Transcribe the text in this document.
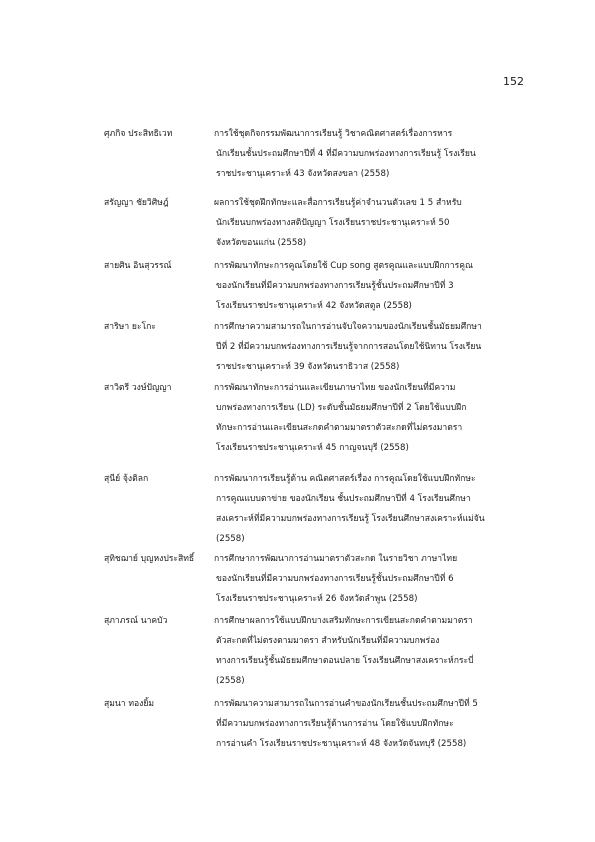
152
ศุภกิจ ประสิทธิเวท	การใช้ชุดกิจกรรมพัฒนาการเรียนรู้ วิชาคณิตศาสตร์เรื่องการหาร
นักเรียนชั้นประถมศึกษาปีที่ 4 ที่มีความบกพร่องทางการเรียนรู้ โรงเรียน
ราชประชานุเคราะห์ 43 จังหวัดสงขลา (2558)
สรัญญา ชัยวิศิษฎ์	ผลการใช้ชุดฝึกทักษะและสื่อการเรียนรู้ค่าจำนวนตัวเลข 1 5 สำหรับ
นักเรียนบกพร่องทางสติปัญญา โรงเรียนราชประชานุเคราะห์ 50
จังหวัดขอนแก่น (2558)
สายศิน อินสุวรรณ์	การพัฒนาทักษะการคูณโดยใช้ Cup song สูตรคูณและแบบฝึกการคูณ
ของนักเรียนที่มีความบกพร่องทางการเรียนรู้ชั้นประถมศึกษาปีที่ 3
โรงเรียนราชประชานุเคราะห์ 42 จังหวัดสตูล (2558)
สาริษา ยะโกะ	การศึกษาความสามารถในการอ่านจับใจความของนักเรียนชั้นมัธยมศึกษา
ปีที่ 2 ที่มีความบกพร่องทางการเรียนรู้จากการสอนโดยใช้นิทาน โรงเรียน
ราชประชานุเคราะห์ 39 จังหวัดนราธิวาส (2558)
สาวิตรี วงษ์ปัญญา	การพัฒนาทักษะการอ่านและเขียนภาษาไทย ของนักเรียนที่มีความ
บกพร่องทางการเรียน (LD) ระดับชั้นมัธยมศึกษาปีที่ 2 โดยใช้แบบฝึก
ทักษะการอ่านและเขียนสะกดคำตามมาตราตัวสะกดที่ไม่ตรงมาตรา
โรงเรียนราชประชานุเคราะห์ 45 กาญจนบุรี (2558)
สุนีย์ จุ้งติลก	การพัฒนาการเรียนรู้ด้าน คณิตศาสตร์เรื่อง การคูณโดยใช้แบบฝึกทักษะ
การคูณแบบตาข่าย ของนักเรียน ชั้นประถมศึกษาปีที่ 4 โรงเรียนศึกษา
สงเคราะห์ที่มีความบกพร่องทางการเรียนรู้ โรงเรียนศึกษาสงเคราะห์แม่จัน
(2558)
สุทิชฌาย์ บุญหงประสิทธิ์ การศึกษาการพัฒนาการอ่านมาตราตัวสะกด ในรายวิชา ภาษาไทย
ของนักเรียนที่มีความบกพร่องทางการเรียนรู้ชั้นประถมศึกษาปีที่ 6
โรงเรียนราชประชานุเคราะห์ 26 จังหวัดลำพูน (2558)
สุภาภรณ์ นาคบัว	การศึกษาผลการใช้แบบฝึกบางเสริมทักษะการเขียนสะกดคำตามมาตรา
ตัวสะกดที่ไม่ตรงตามมาตรา สำหรับนักเรียนที่มีความบกพร่อง
ทางการเรียนรู้ชั้นมัธยมศึกษาตอนปลาย โรงเรียนศึกษาสงเคราะห์กระบี่
(2558)
สุมนา ทองยิ้ม	การพัฒนาความสามารถในการอ่านคำของนักเรียนชั้นประถมศึกษาปีที่ 5
ที่มีความบกพร่องทางการเรียนรู้ด้านการอ่าน โดยใช้แบบฝึกทักษะ
การอ่านคำ โรงเรียนราชประชานุเคราะห์ 48 จังหวัดจันทบุรี (2558)
